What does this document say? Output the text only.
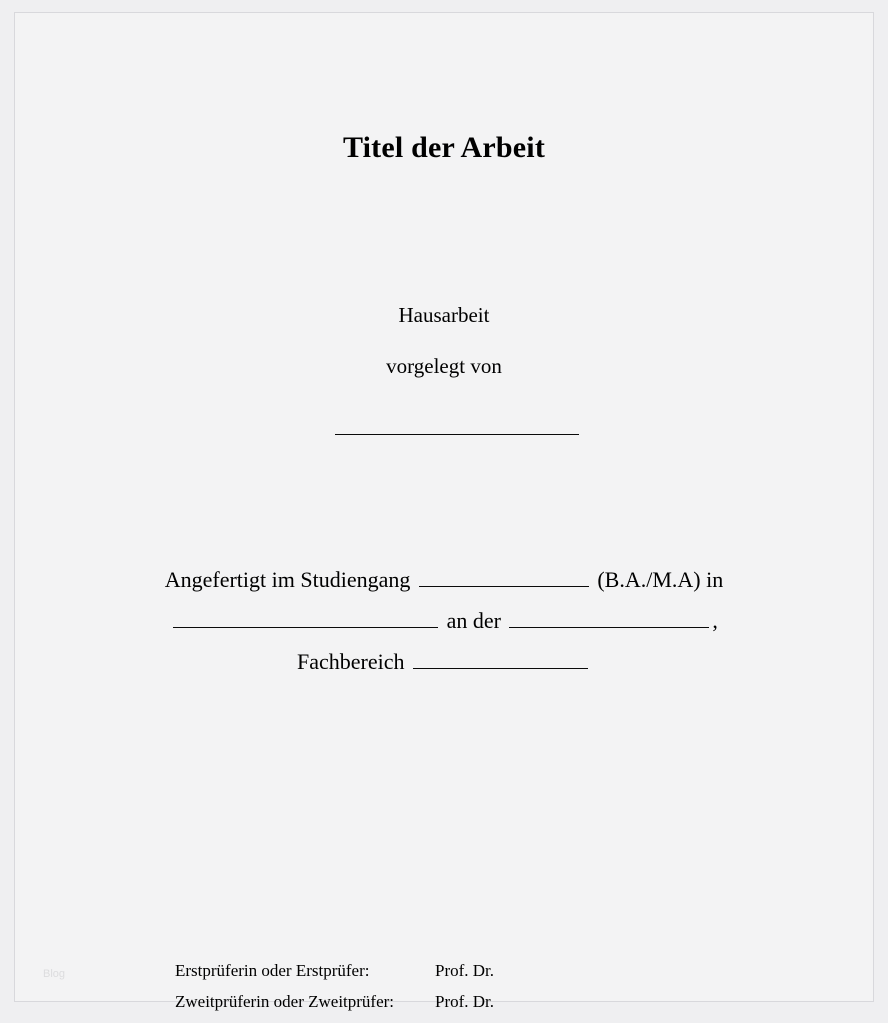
Titel der Arbeit
Hausarbeit
vorgelegt von
Angefertigt im Studiengang	(B.A./M.A) in
an der	,
Fachbereich
Erstprüferin oder Erstprüfer:	Prof. Dr.
Zweitprüferin oder Zweitprüfer:	Prof. Dr.
Blog
